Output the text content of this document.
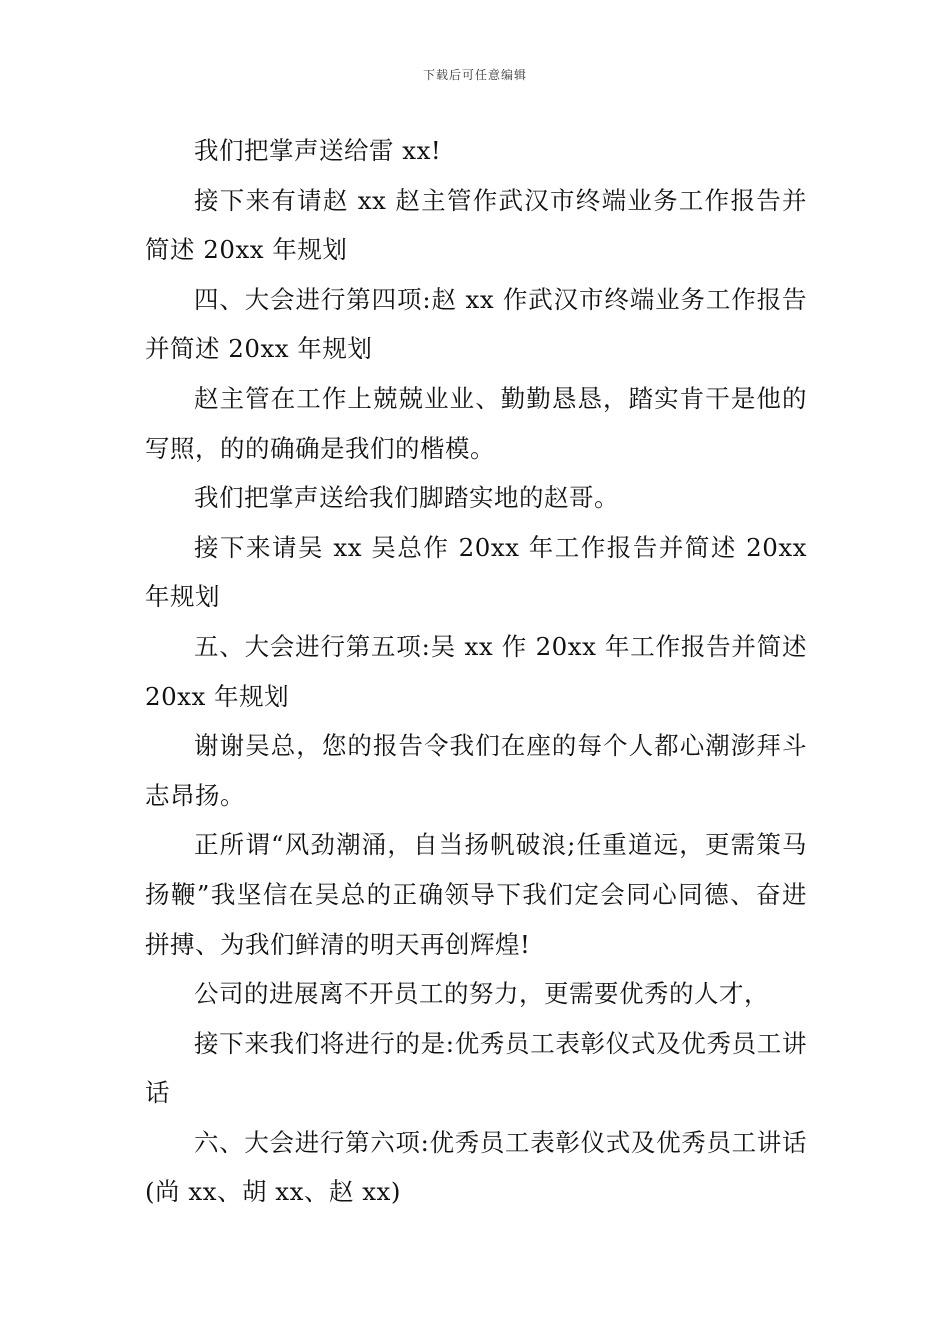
下载后可任意编辑

我们把掌声送给雷 xx!

接下来有请赵 xx 赵主管作武汉市终端业务工作报告并简述 20xx 年规划

四、大会进行第四项:赵 xx 作武汉市终端业务工作报告并简述 20xx 年规划

赵主管在工作上兢兢业业、勤勤恳恳，踏实肯干是他的写照，的的确确是我们的楷模。

我们把掌声送给我们脚踏实地的赵哥。

接下来请吴 xx 吴总作 20xx 年工作报告并简述 20xx 年规划

五、大会进行第五项:吴 xx 作 20xx 年工作报告并简述 20xx 年规划

谢谢吴总，您的报告令我们在座的每个人都心潮澎拜斗志昂扬。

正所谓“风劲潮涌，自当扬帆破浪;任重道远，更需策马扬鞭”我坚信在吴总的正确领导下我们定会同心同德、奋进拼搏、为我们鲜清的明天再创辉煌!

公司的进展离不开员工的努力，更需要优秀的人才，

接下来我们将进行的是:优秀员工表彰仪式及优秀员工讲话

六、大会进行第六项:优秀员工表彰仪式及优秀员工讲话(尚 xx、胡 xx、赵 xx)
